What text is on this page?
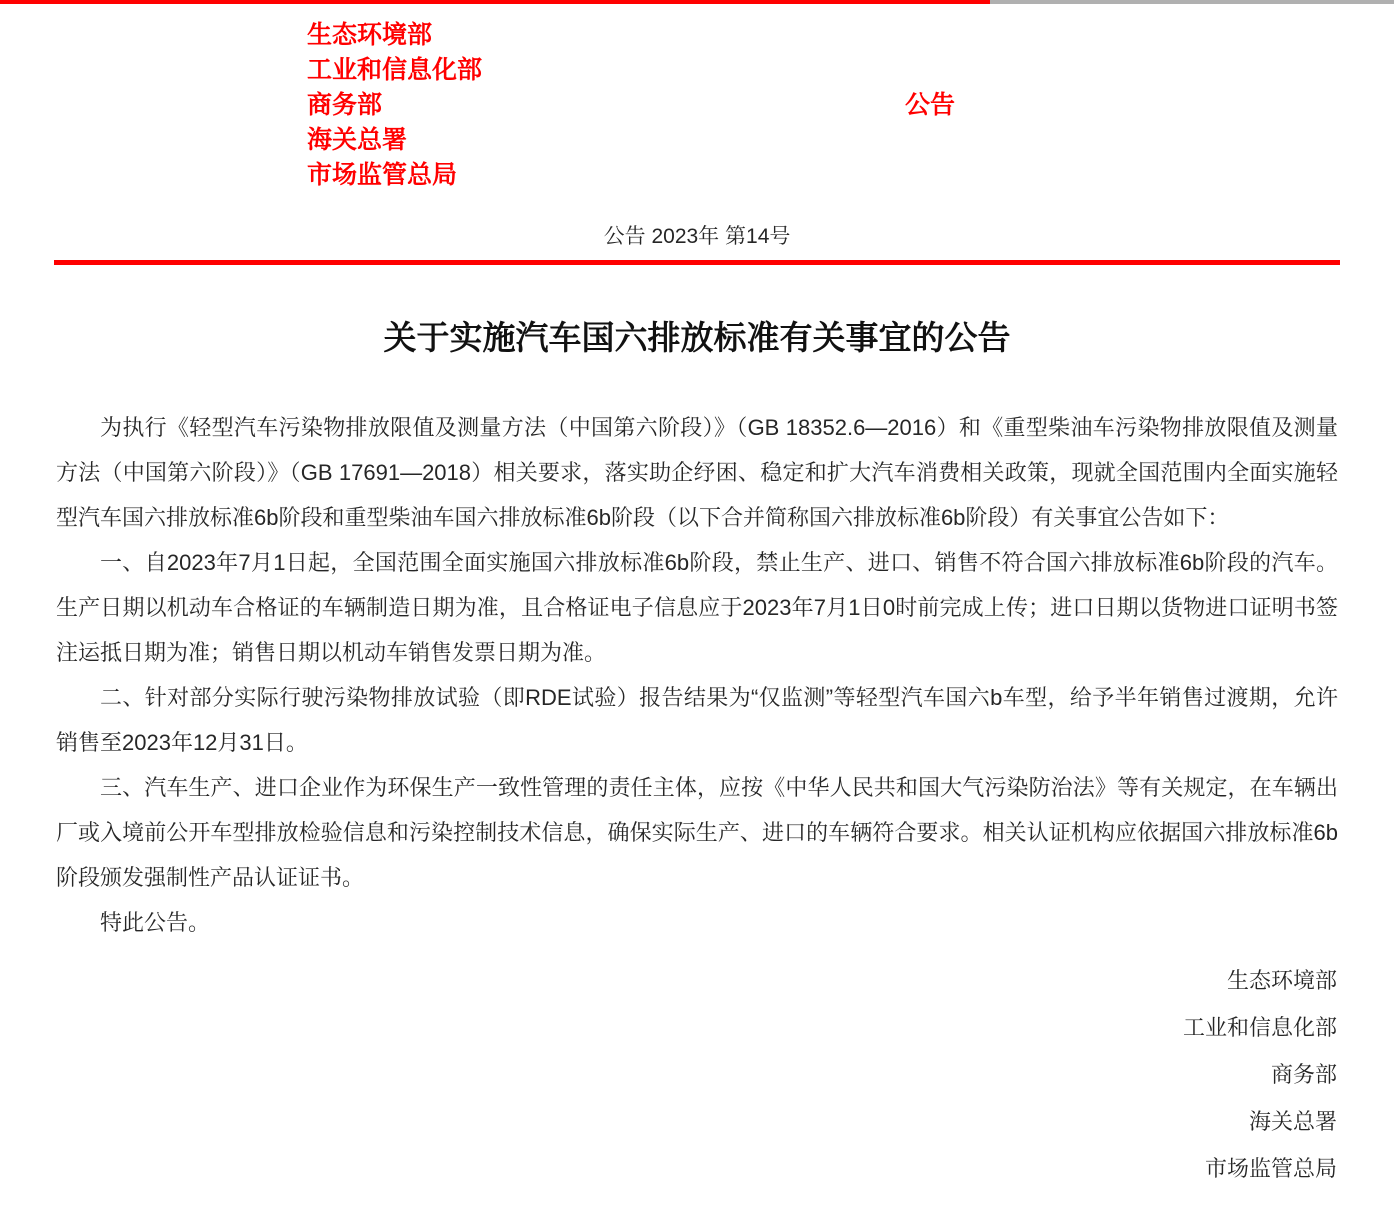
生态环境部
工业和信息化部
商务部
海关总署
市场监管总局
公告
公告 2023年 第14号
关于实施汽车国六排放标准有关事宜的公告

为执行《轻型汽车污染物排放限值及测量方法（中国第六阶段）》（GB 18352.6—2016）和《重型柴油车污染物排放限值及测量方法（中国第六阶段）》（GB 17691—2018）相关要求，落实助企纾困、稳定和扩大汽车消费相关政策，现就全国范围内全面实施轻型汽车国六排放标准6b阶段和重型柴油车国六排放标准6b阶段（以下合并简称国六排放标准6b阶段）有关事宜公告如下：

一、自2023年7月1日起，全国范围全面实施国六排放标准6b阶段，禁止生产、进口、销售不符合国六排放标准6b阶段的汽车。生产日期以机动车合格证的车辆制造日期为准，且合格证电子信息应于2023年7月1日0时前完成上传；进口日期以货物进口证明书签注运抵日期为准；销售日期以机动车销售发票日期为准。

二、针对部分实际行驶污染物排放试验（即RDE试验）报告结果为“仅监测”等轻型汽车国六b车型，给予半年销售过渡期，允许销售至2023年12月31日。

三、汽车生产、进口企业作为环保生产一致性管理的责任主体，应按《中华人民共和国大气污染防治法》等有关规定，在车辆出厂或入境前公开车型排放检验信息和污染控制技术信息，确保实际生产、进口的车辆符合要求。相关认证机构应依据国六排放标准6b阶段颁发强制性产品认证证书。

特此公告。

生态环境部
工业和信息化部
商务部
海关总署
市场监管总局
